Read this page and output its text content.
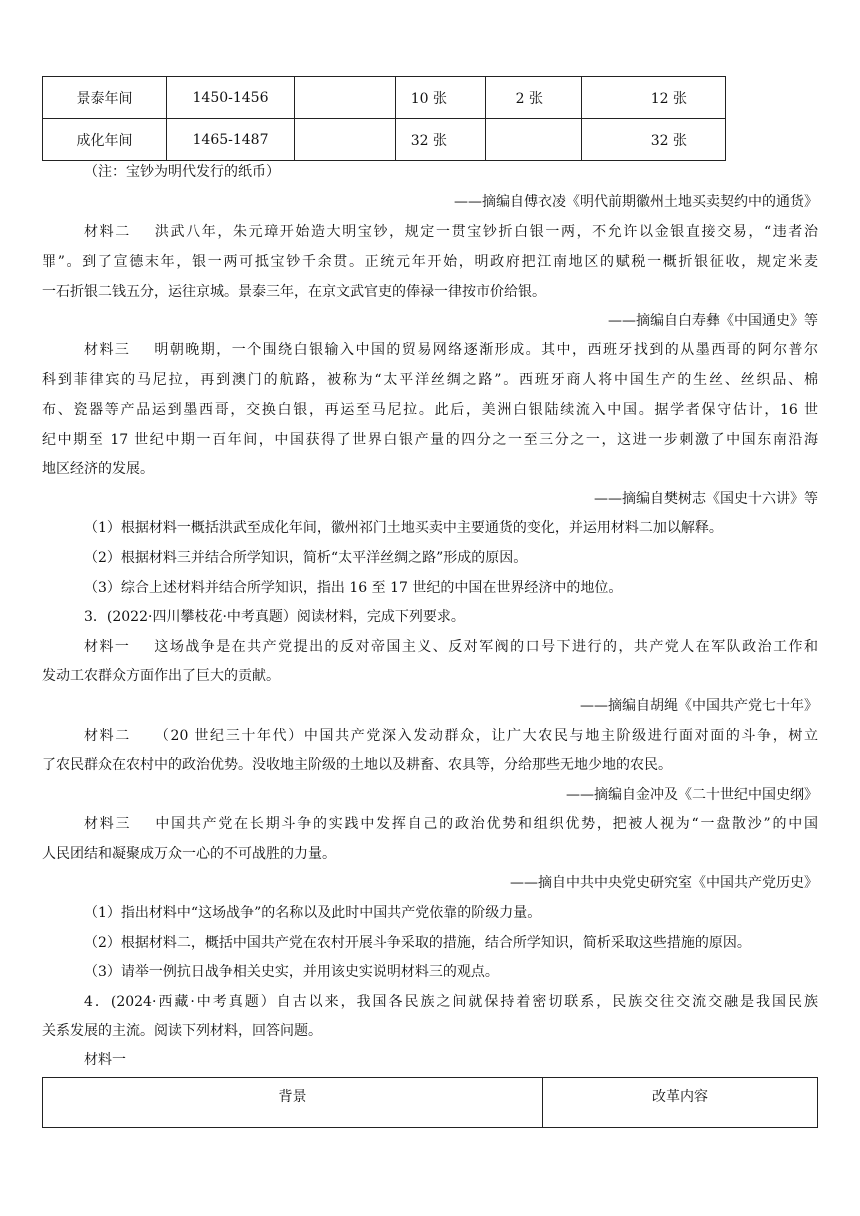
景泰年间	1450-1456		10 张	2 张	12 张
成化年间	1465-1487		32 张		32 张
（注：宝钞为明代发行的纸币）
——摘编自傅衣凌《明代前期徽州土地买卖契约中的通货》
材料二 洪武八年，朱元璋开始造大明宝钞，规定一贯宝钞折白银一两，不允许以金银直接交易，“违者治
罪”。到了宣德末年，银一两可抵宝钞千余贯。正统元年开始，明政府把江南地区的赋税一概折银征收，规定米麦
一石折银二钱五分，运往京城。景泰三年，在京文武官吏的俸禄一律按市价给银。
——摘编自白寿彝《中国通史》等
材料三 明朝晚期，一个围绕白银输入中国的贸易网络逐渐形成。其中，西班牙找到的从墨西哥的阿尔普尔
科到菲律宾的马尼拉，再到澳门的航路，被称为“太平洋丝绸之路”。西班牙商人将中国生产的生丝、丝织品、棉
布、瓷器等产品运到墨西哥，交换白银，再运至马尼拉。此后，美洲白银陆续流入中国。据学者保守估计，16 世
纪中期至 17 世纪中期一百年间，中国获得了世界白银产量的四分之一至三分之一，这进一步刺激了中国东南沿海
地区经济的发展。
——摘编自樊树志《国史十六讲》等
（1）根据材料一概括洪武至成化年间，徽州祁门土地买卖中主要通货的变化，并运用材料二加以解释。
（2）根据材料三并结合所学知识，简析“太平洋丝绸之路”形成的原因。
（3）综合上述材料并结合所学知识，指出 16 至 17 世纪的中国在世界经济中的地位。
3．(2022·四川攀枝花·中考真题）阅读材料，完成下列要求。
材料一 这场战争是在共产党提出的反对帝国主义、反对军阀的口号下进行的，共产党人在军队政治工作和
发动工农群众方面作出了巨大的贡献。
——摘编自胡绳《中国共产党七十年》
材料二 （20 世纪三十年代）中国共产党深入发动群众，让广大农民与地主阶级进行面对面的斗争，树立
了农民群众在农村中的政治优势。没收地主阶级的土地以及耕畜、农具等，分给那些无地少地的农民。
——摘编自金冲及《二十世纪中国史纲》
材料三 中国共产党在长期斗争的实践中发挥自己的政治优势和组织优势，把被人视为“一盘散沙”的中国
人民团结和凝聚成万众一心的不可战胜的力量。
——摘自中共中央党史研究室《中国共产党历史》
（1）指出材料中“这场战争”的名称以及此时中国共产党依靠的阶级力量。
（2）根据材料二，概括中国共产党在农村开展斗争采取的措施，结合所学知识，简析采取这些措施的原因。
（3）请举一例抗日战争相关史实，并用该史实说明材料三的观点。
4．(2024·西藏·中考真题）自古以来，我国各民族之间就保持着密切联系，民族交往交流交融是我国民族
关系发展的主流。阅读下列材料，回答问题。
材料一
背景	改革内容
